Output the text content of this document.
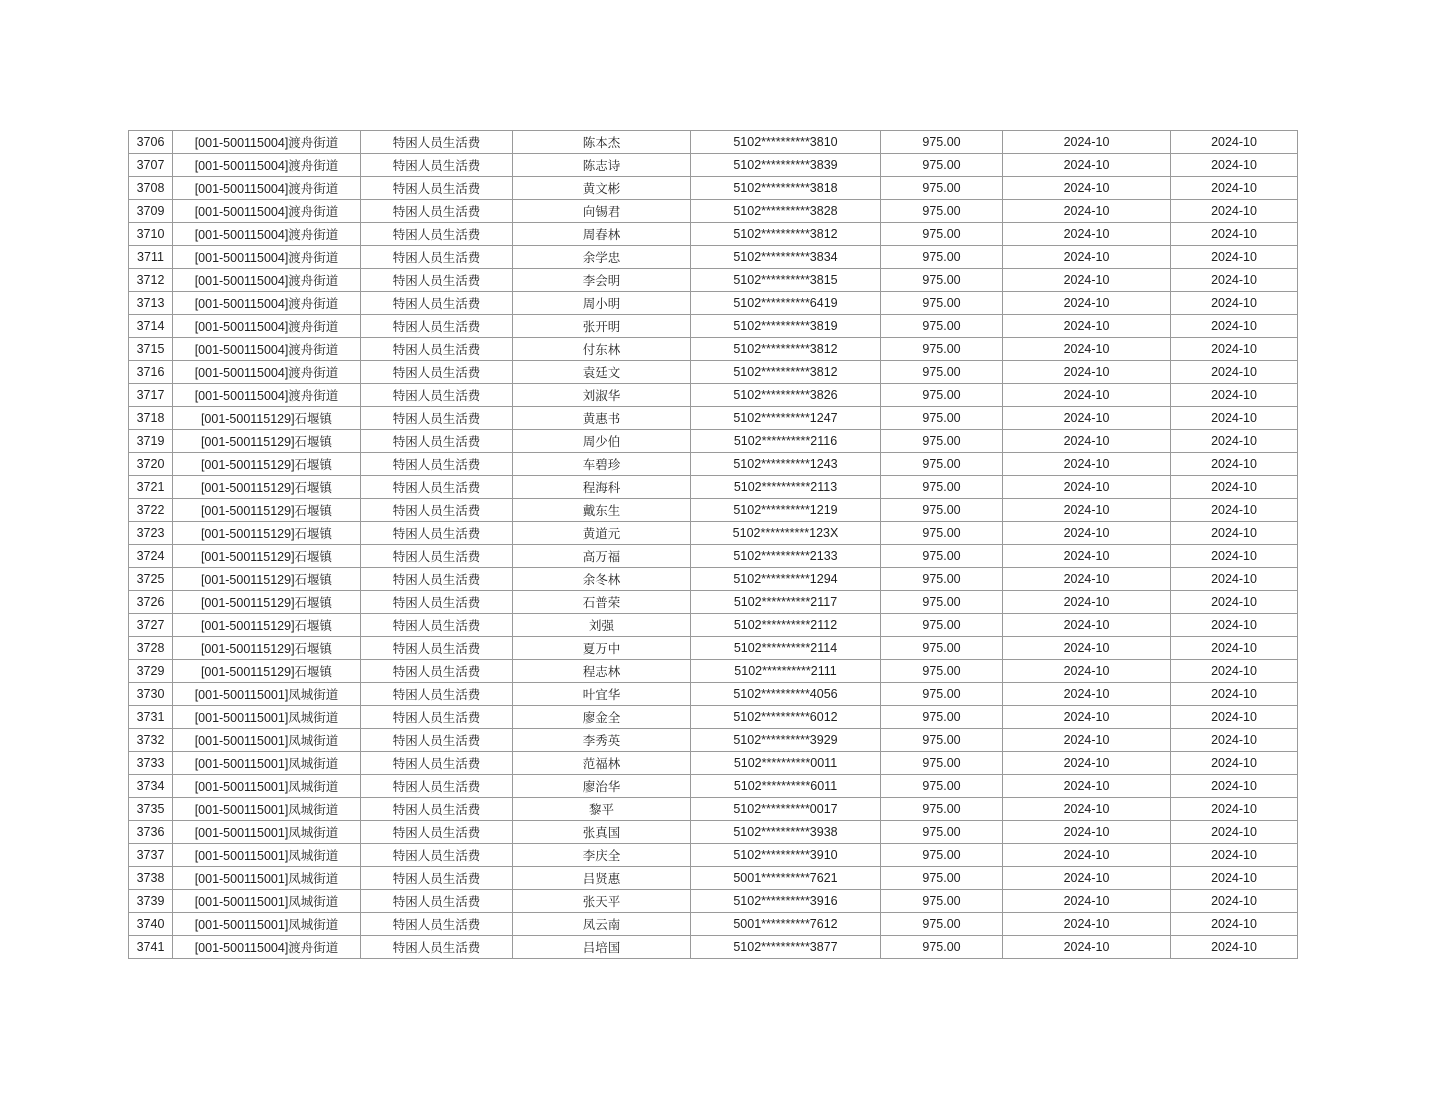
3706	[001-500115004]渡舟街道	特困人员生活费	陈本杰	5102**********3810	975.00	2024-10	2024-10
3707	[001-500115004]渡舟街道	特困人员生活费	陈志诗	5102**********3839	975.00	2024-10	2024-10
3708	[001-500115004]渡舟街道	特困人员生活费	黄文彬	5102**********3818	975.00	2024-10	2024-10
3709	[001-500115004]渡舟街道	特困人员生活费	向锡君	5102**********3828	975.00	2024-10	2024-10
3710	[001-500115004]渡舟街道	特困人员生活费	周春林	5102**********3812	975.00	2024-10	2024-10
3711	[001-500115004]渡舟街道	特困人员生活费	余学忠	5102**********3834	975.00	2024-10	2024-10
3712	[001-500115004]渡舟街道	特困人员生活费	李会明	5102**********3815	975.00	2024-10	2024-10
3713	[001-500115004]渡舟街道	特困人员生活费	周小明	5102**********6419	975.00	2024-10	2024-10
3714	[001-500115004]渡舟街道	特困人员生活费	张开明	5102**********3819	975.00	2024-10	2024-10
3715	[001-500115004]渡舟街道	特困人员生活费	付东林	5102**********3812	975.00	2024-10	2024-10
3716	[001-500115004]渡舟街道	特困人员生活费	袁廷文	5102**********3812	975.00	2024-10	2024-10
3717	[001-500115004]渡舟街道	特困人员生活费	刘淑华	5102**********3826	975.00	2024-10	2024-10
3718	[001-500115129]石堰镇	特困人员生活费	黄惠书	5102**********1247	975.00	2024-10	2024-10
3719	[001-500115129]石堰镇	特困人员生活费	周少伯	5102**********2116	975.00	2024-10	2024-10
3720	[001-500115129]石堰镇	特困人员生活费	车碧珍	5102**********1243	975.00	2024-10	2024-10
3721	[001-500115129]石堰镇	特困人员生活费	程海科	5102**********2113	975.00	2024-10	2024-10
3722	[001-500115129]石堰镇	特困人员生活费	戴东生	5102**********1219	975.00	2024-10	2024-10
3723	[001-500115129]石堰镇	特困人员生活费	黄道元	5102**********123X	975.00	2024-10	2024-10
3724	[001-500115129]石堰镇	特困人员生活费	高万福	5102**********2133	975.00	2024-10	2024-10
3725	[001-500115129]石堰镇	特困人员生活费	余冬林	5102**********1294	975.00	2024-10	2024-10
3726	[001-500115129]石堰镇	特困人员生活费	石普荣	5102**********2117	975.00	2024-10	2024-10
3727	[001-500115129]石堰镇	特困人员生活费	刘强	5102**********2112	975.00	2024-10	2024-10
3728	[001-500115129]石堰镇	特困人员生活费	夏万中	5102**********2114	975.00	2024-10	2024-10
3729	[001-500115129]石堰镇	特困人员生活费	程志林	5102**********2111	975.00	2024-10	2024-10
3730	[001-500115001]凤城街道	特困人员生活费	叶宜华	5102**********4056	975.00	2024-10	2024-10
3731	[001-500115001]凤城街道	特困人员生活费	廖金全	5102**********6012	975.00	2024-10	2024-10
3732	[001-500115001]凤城街道	特困人员生活费	李秀英	5102**********3929	975.00	2024-10	2024-10
3733	[001-500115001]凤城街道	特困人员生活费	范福林	5102**********0011	975.00	2024-10	2024-10
3734	[001-500115001]凤城街道	特困人员生活费	廖治华	5102**********6011	975.00	2024-10	2024-10
3735	[001-500115001]凤城街道	特困人员生活费	黎平	5102**********0017	975.00	2024-10	2024-10
3736	[001-500115001]凤城街道	特困人员生活费	张真国	5102**********3938	975.00	2024-10	2024-10
3737	[001-500115001]凤城街道	特困人员生活费	李庆全	5102**********3910	975.00	2024-10	2024-10
3738	[001-500115001]凤城街道	特困人员生活费	吕贤惠	5001**********7621	975.00	2024-10	2024-10
3739	[001-500115001]凤城街道	特困人员生活费	张天平	5102**********3916	975.00	2024-10	2024-10
3740	[001-500115001]凤城街道	特困人员生活费	凤云南	5001**********7612	975.00	2024-10	2024-10
3741	[001-500115004]渡舟街道	特困人员生活费	吕培国	5102**********3877	975.00	2024-10	2024-10
